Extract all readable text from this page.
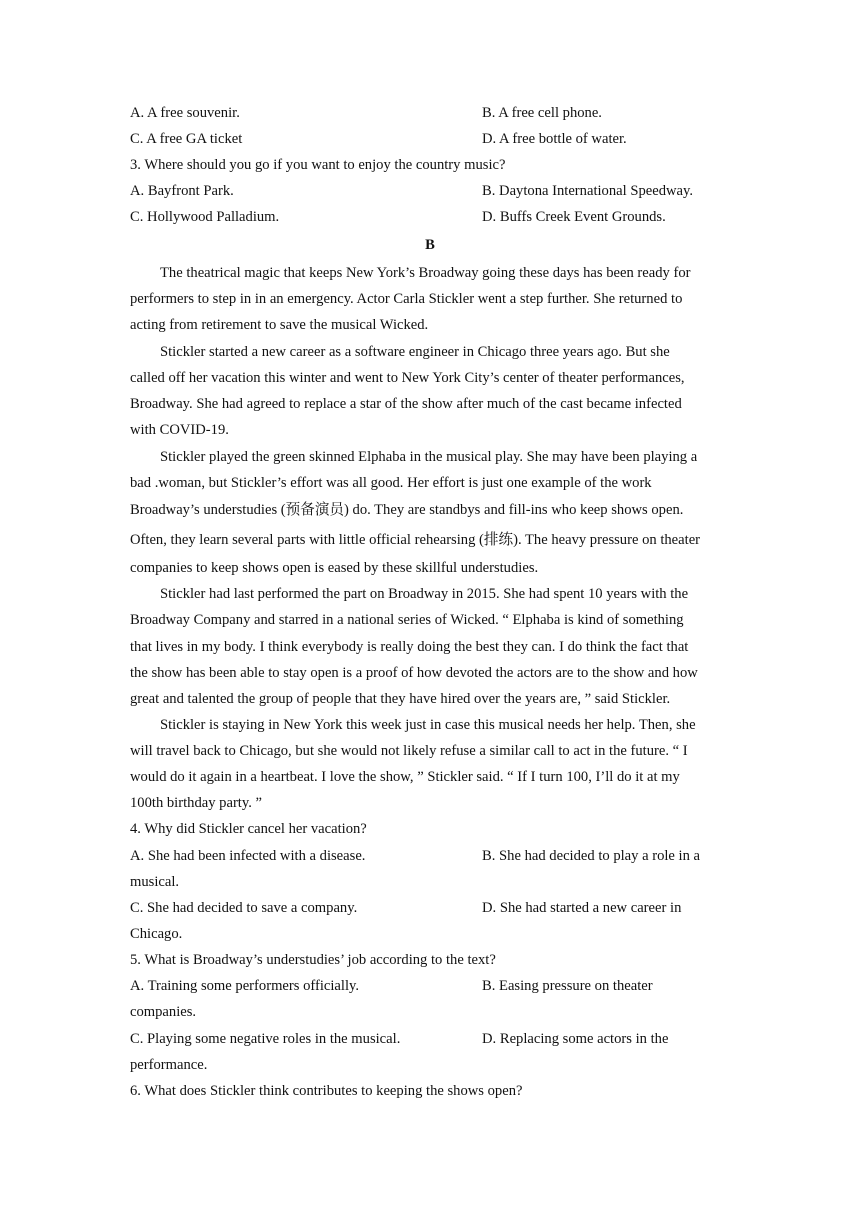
A. A free souvenir.	B. A free cell phone.
C. A free GA ticket	D. A free bottle of water.
3. Where should you go if you want to enjoy the country music?
A. Bayfront Park.	B. Daytona International Speedway.
C. Hollywood Palladium.	D. Buffs Creek Event Grounds.
B
The theatrical magic that keeps New York’s Broadway going these days has been ready for
performers to step in in an emergency. Actor Carla Stickler went a step further. She returned to
acting from retirement to save the musical Wicked.
Stickler started a new career as a software engineer in Chicago three years ago. But she
called off her vacation this winter and went to New York City’s center of theater performances,
Broadway. She had agreed to replace a star of the show after much of the cast became infected
with COVID-19.
Stickler played the green skinned Elphaba in the musical play. She may have been playing a
bad .woman, but Stickler’s effort was all good. Her effort is just one example of the work
Broadway’s understudies (预备演员) do. They are standbys and fill-ins who keep shows open.
Often, they learn several parts with little official rehearsing (排练). The heavy pressure on theater
companies to keep shows open is eased by these skillful understudies.
Stickler had last performed the part on Broadway in 2015. She had spent 10 years with the
Broadway Company and starred in a national series of Wicked. “ Elphaba is kind of something
that lives in my body. I think everybody is really doing the best they can. I do think the fact that
the show has been able to stay open is a proof of how devoted the actors are to the show and how
great and talented the group of people that they have hired over the years are, ” said Stickler.
Stickler is staying in New York this week just in case this musical needs her help. Then, she
will travel back to Chicago, but she would not likely refuse a similar call to act in the future. “ I
would do it again in a heartbeat. I love the show, ” Stickler said. “ If I turn 100, I’ll do it at my
100th birthday party. ”
4. Why did Stickler cancel her vacation?
A. She had been infected with a disease.	B. She had decided to play a role in a
musical.
C. She had decided to save a company.	D. She had started a new career in
Chicago.
5. What is Broadway’s understudies’ job according to the text?
A. Training some performers officially.	B. Easing pressure on theater
companies.
C. Playing some negative roles in the musical.	D. Replacing some actors in the
performance.
6. What does Stickler think contributes to keeping the shows open?
